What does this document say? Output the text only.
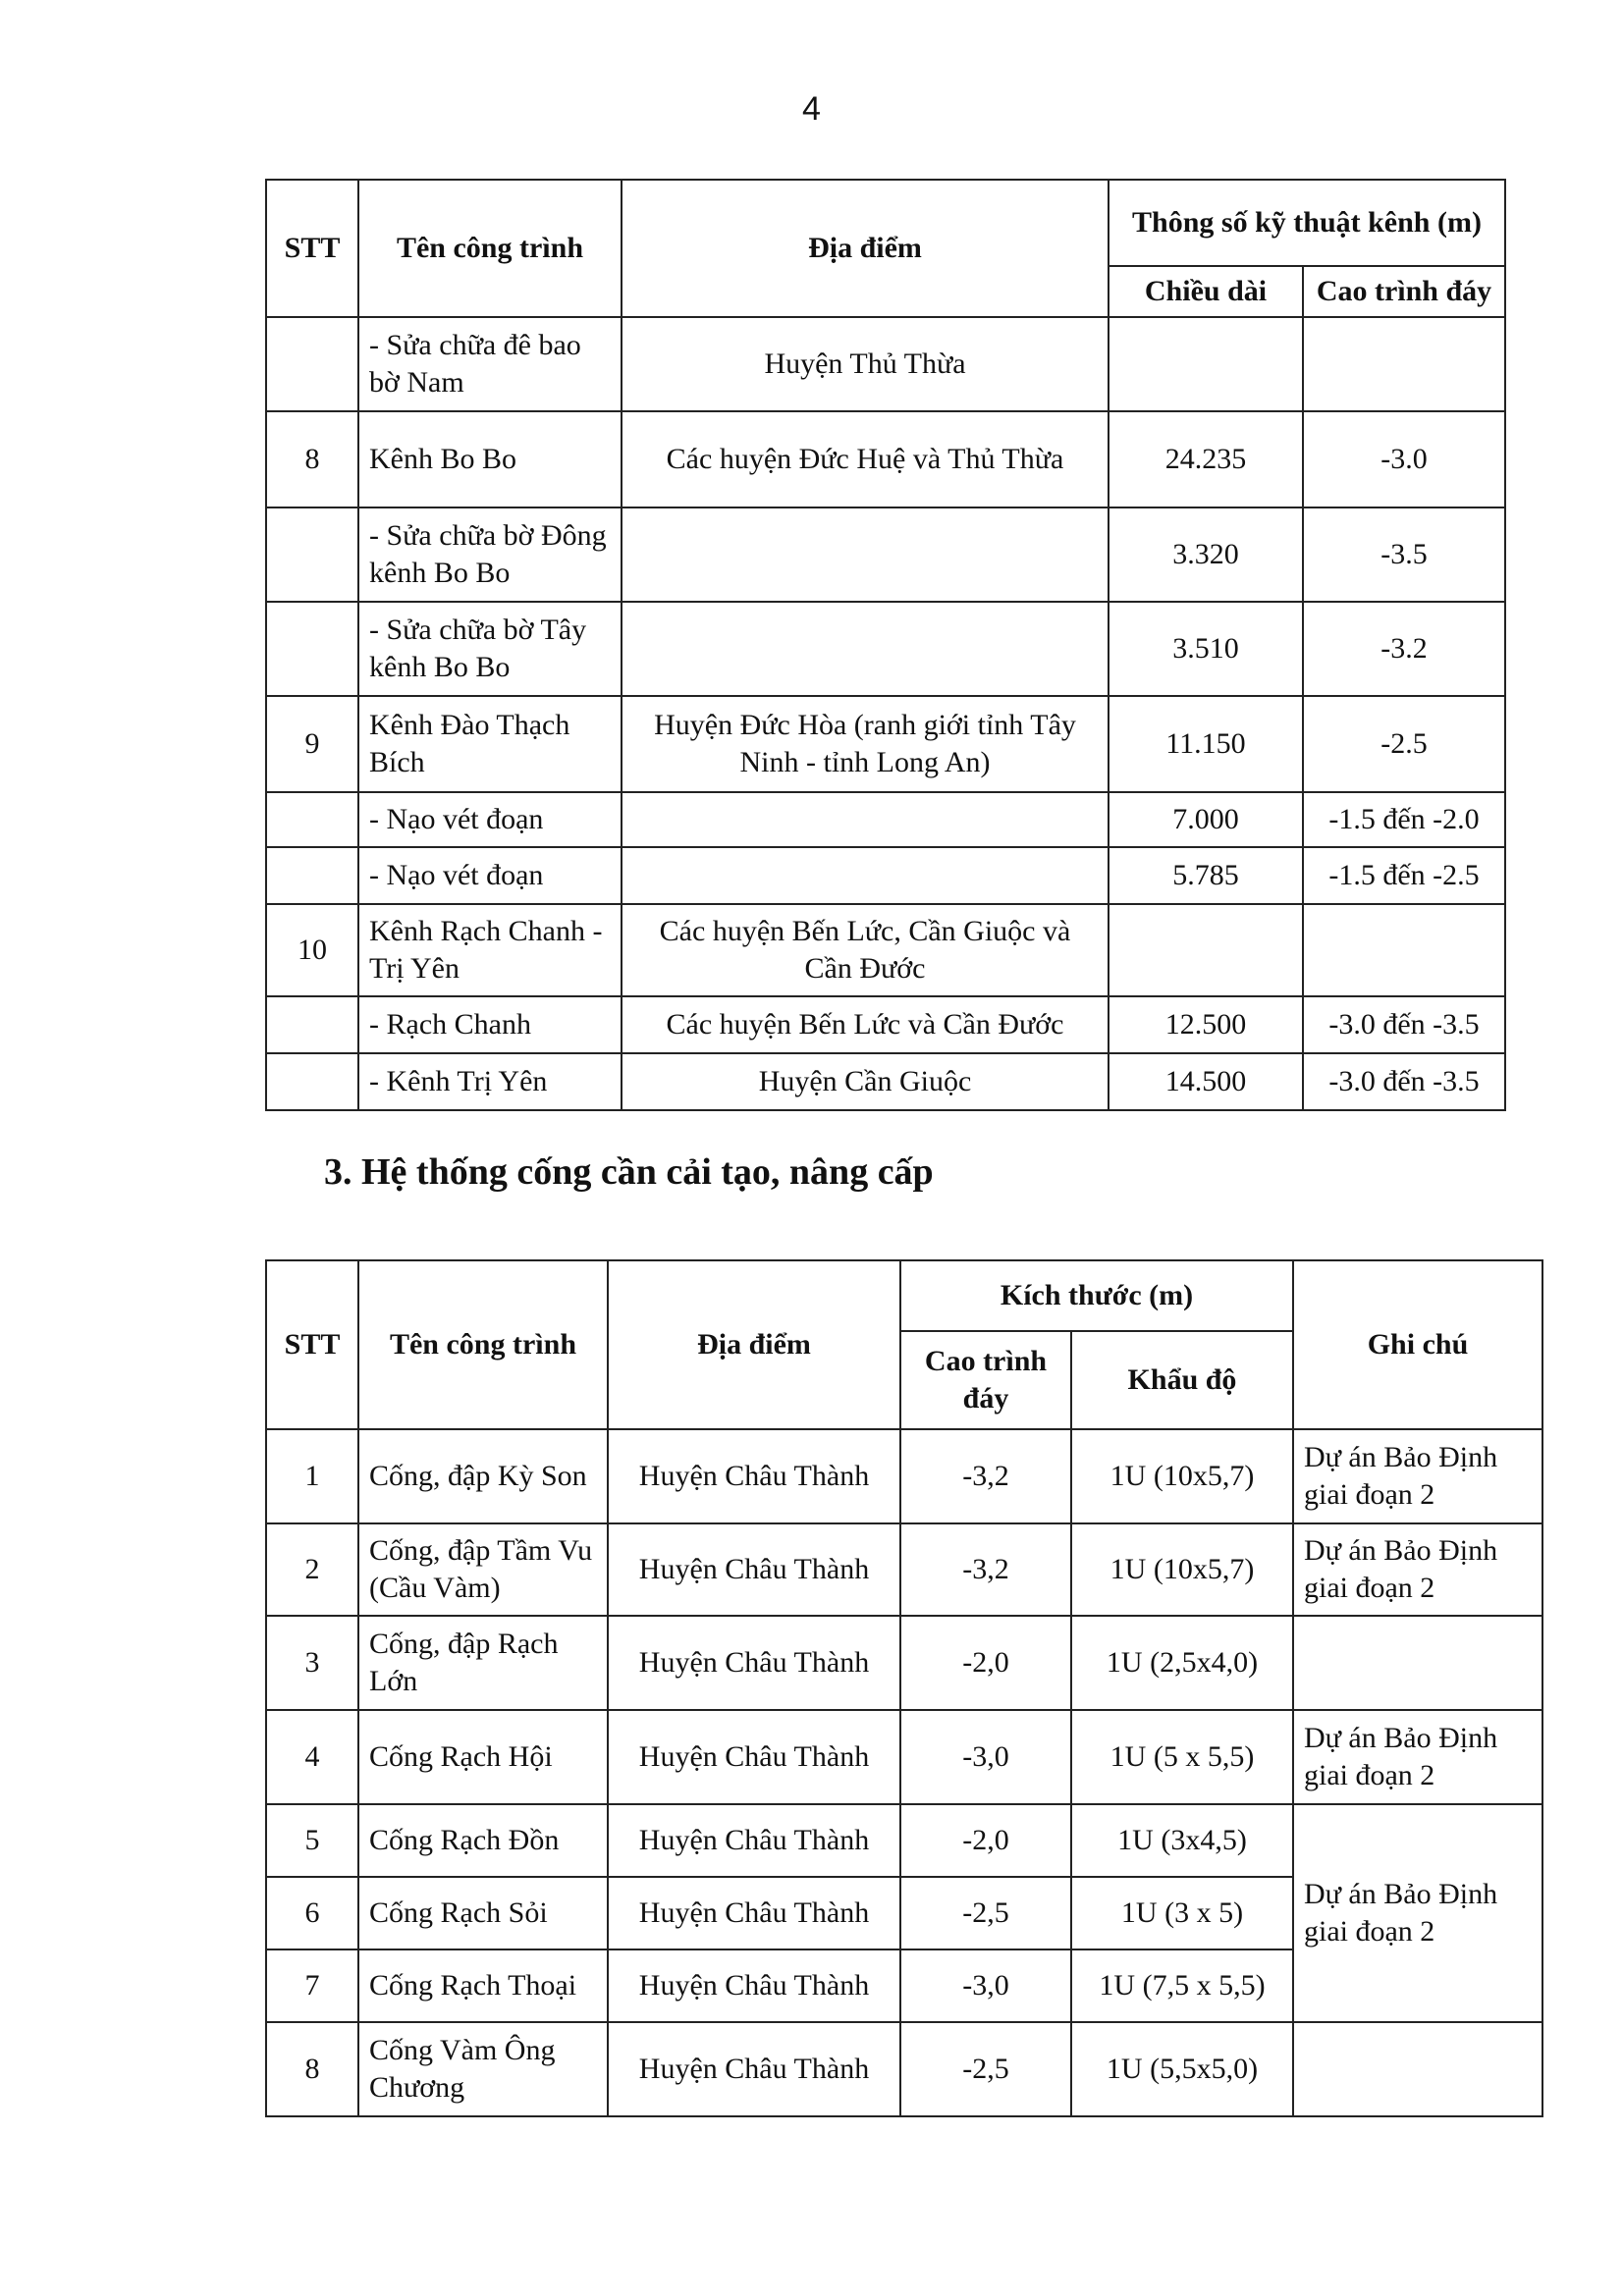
4
STT	Tên công trình	Địa điểm	Thông số kỹ thuật kênh (m)	
			Chiều dài	Cao trình đáy
	- Sửa chữa đê bao bờ Nam	Huyện Thủ Thừa		
8	Kênh Bo Bo	Các huyện Đức Huệ và Thủ Thừa	24.235	-3.0
	- Sửa chữa bờ Đông kênh Bo Bo		3.320	-3.5
	- Sửa chữa bờ Tây kênh Bo Bo		3.510	-3.2
9	Kênh Đào Thạch Bích	Huyện Đức Hòa (ranh giới tỉnh Tây Ninh - tỉnh Long An)	11.150	-2.5
	- Nạo vét đoạn		7.000	-1.5 đến -2.0
	- Nạo vét đoạn		5.785	-1.5 đến -2.5
10	Kênh Rạch Chanh - Trị Yên	Các huyện Bến Lức, Cần Giuộc và Cần Đước		
	- Rạch Chanh	Các huyện Bến Lức và Cần Đước	12.500	-3.0 đến -3.5
	- Kênh Trị Yên	Huyện Cần Giuộc	14.500	-3.0 đến -3.5
3. Hệ thống cống cần cải tạo, nâng cấp
STT	Tên công trình	Địa điểm	Kích thước (m)		Ghi chú
			Cao trình đáy	Khẩu độ	
1	Cống, đập Kỳ Son	Huyện Châu Thành	-3,2	1U (10x5,7)	Dự án Bảo Định giai đoạn 2
2	Cống, đập Tầm Vu (Cầu Vàm)	Huyện Châu Thành	-3,2	1U (10x5,7)	Dự án Bảo Định giai đoạn 2
3	Cống, đập Rạch Lớn	Huyện Châu Thành	-2,0	1U (2,5x4,0)	
4	Cống Rạch Hội	Huyện Châu Thành	-3,0	1U (5 x 5,5)	Dự án Bảo Định giai đoạn 2
5	Cống Rạch Đồn	Huyện Châu Thành	-2,0	1U (3x4,5)	Dự án Bảo Định giai đoạn 2
6	Cống Rạch Sỏi	Huyện Châu Thành	-2,5	1U (3 x 5)	
7	Cống Rạch Thoại	Huyện Châu Thành	-3,0	1U (7,5 x 5,5)	
8	Cống Vàm Ông Chương	Huyện Châu Thành	-2,5	1U (5,5x5,0)	
